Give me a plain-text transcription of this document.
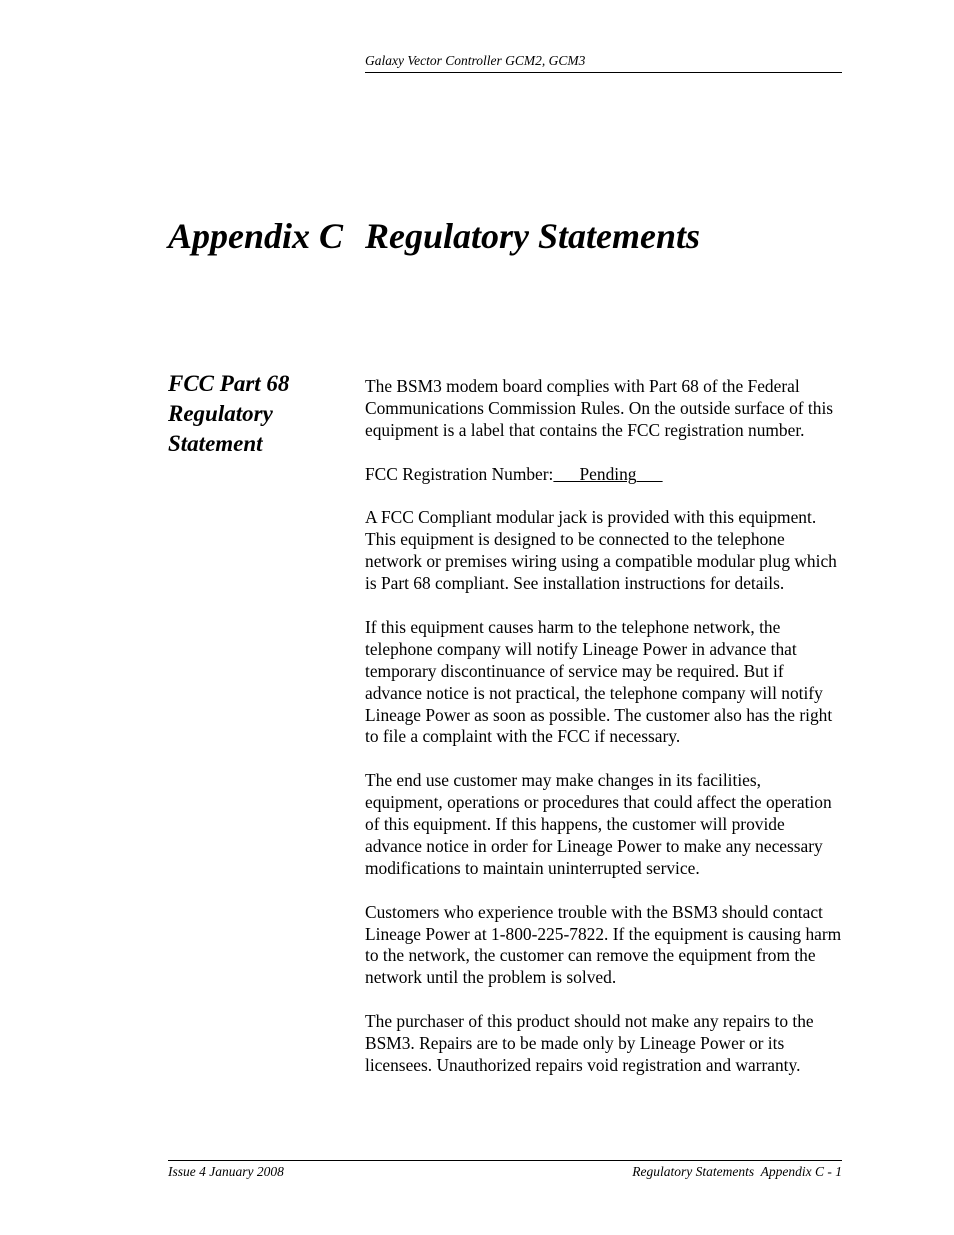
Galaxy Vector Controller GCM2, GCM3
Appendix C Regulatory Statements
FCC Part 68 Regulatory Statement

The BSM3 modem board complies with Part 68 of the Federal Communications Commission Rules. On the outside surface of this equipment is a label that contains the FCC registration number.

FCC Registration Number: Pending

A FCC Compliant modular jack is provided with this equipment. This equipment is designed to be connected to the telephone network or premises wiring using a compatible modular plug which is Part 68 compliant. See installation instructions for details.

If this equipment causes harm to the telephone network, the telephone company will notify Lineage Power in advance that temporary discontinuance of service may be required. But if advance notice is not practical, the telephone company will notify Lineage Power as soon as possible. The customer also has the right to file a complaint with the FCC if necessary.

The end use customer may make changes in its facilities, equipment, operations or procedures that could affect the operation of this equipment. If this happens, the customer will provide advance notice in order for Lineage Power to make any necessary modifications to maintain uninterrupted service.

Customers who experience trouble with the BSM3 should contact Lineage Power at 1-800-225-7822. If the equipment is causing harm to the network, the customer can remove the equipment from the network until the problem is solved.

The purchaser of this product should not make any repairs to the BSM3. Repairs are to be made only by Lineage Power or its licensees. Unauthorized repairs void registration and warranty.

Issue 4 January 2008	Regulatory Statements  Appendix C - 1
